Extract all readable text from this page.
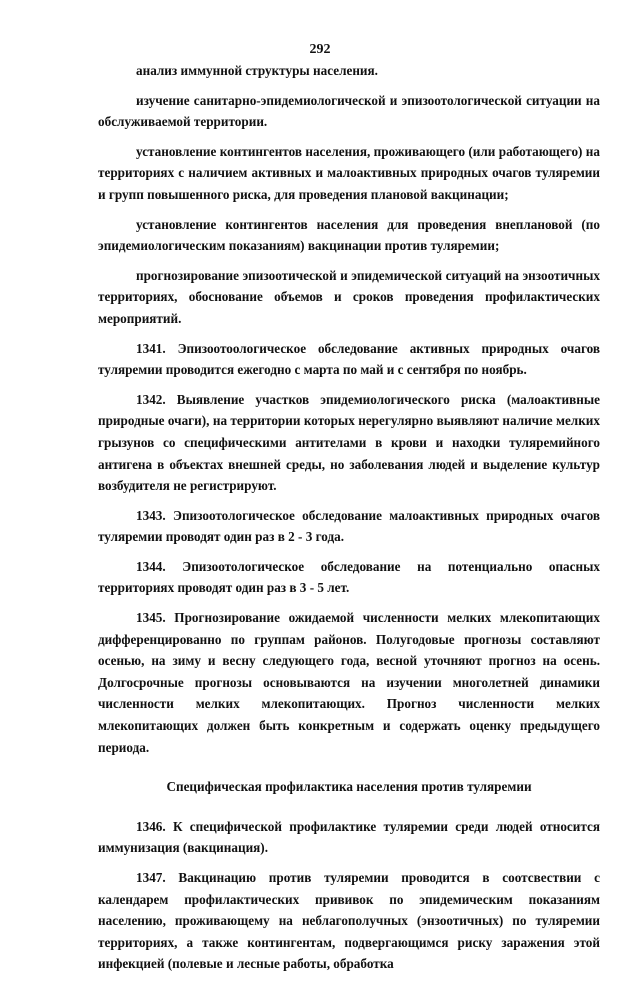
292

анализ иммунной структуры населения.

изучение санитарно-эпидемиологической и эпизоотологической ситуации на обслуживаемой территории.

установление контингентов населения, проживающего (или работающего) на территориях с наличием активных и малоактивных природных очагов туляремии и групп повышенного риска, для проведения плановой вакцинации;

установление контингентов населения для проведения внеплановой (по эпидемиологическим показаниям) вакцинации против туляремии;

прогнозирование эпизоотической и эпидемической ситуаций на энзоотичных территориях, обоснование объемов и сроков проведения профилактических мероприятий.

1341. Эпизоотоологическое обследование активных природных очагов туляремии проводится ежегодно с марта по май и с сентября по ноябрь.

1342. Выявление участков эпидемиологического риска (малоактивные природные очаги), на территории которых нерегулярно выявляют наличие мелких грызунов со специфическими антителами в крови и находки туляремийного антигена в объектах внешней среды, но заболевания людей и выделение культур возбудителя не регистрируют.

1343. Эпизоотологическое обследование малоактивных природных очагов туляремии проводят один раз в 2 - 3 года.

1344. Эпизоотологическое обследование на потенциально опасных территориях проводят один раз в 3 - 5 лет.

1345. Прогнозирование ожидаемой численности мелких млекопитающих дифференцированно по группам районов. Полугодовые прогнозы составляют осенью, на зиму и весну следующего года, весной уточняют прогноз на осень. Долгосрочные прогнозы основываются на изучении многолетней динамики численности мелких млекопитающих. Прогноз численности мелких млекопитающих должен быть конкретным и содержать оценку предыдущего периода.

Специфическая профилактика населения против туляремии

1346. К специфической профилактике туляремии среди людей относится иммунизация (вакцинация).

1347. Вакцинацию против туляремии проводится в соотсвествии с календарем профилактических прививок по эпидемическим показаниям населению, проживающему на неблагополучных (энзоотичных) по туляремии территориях, а также контингентам, подвергающимся риску заражения этой инфекцией (полевые и лесные работы, обработка
